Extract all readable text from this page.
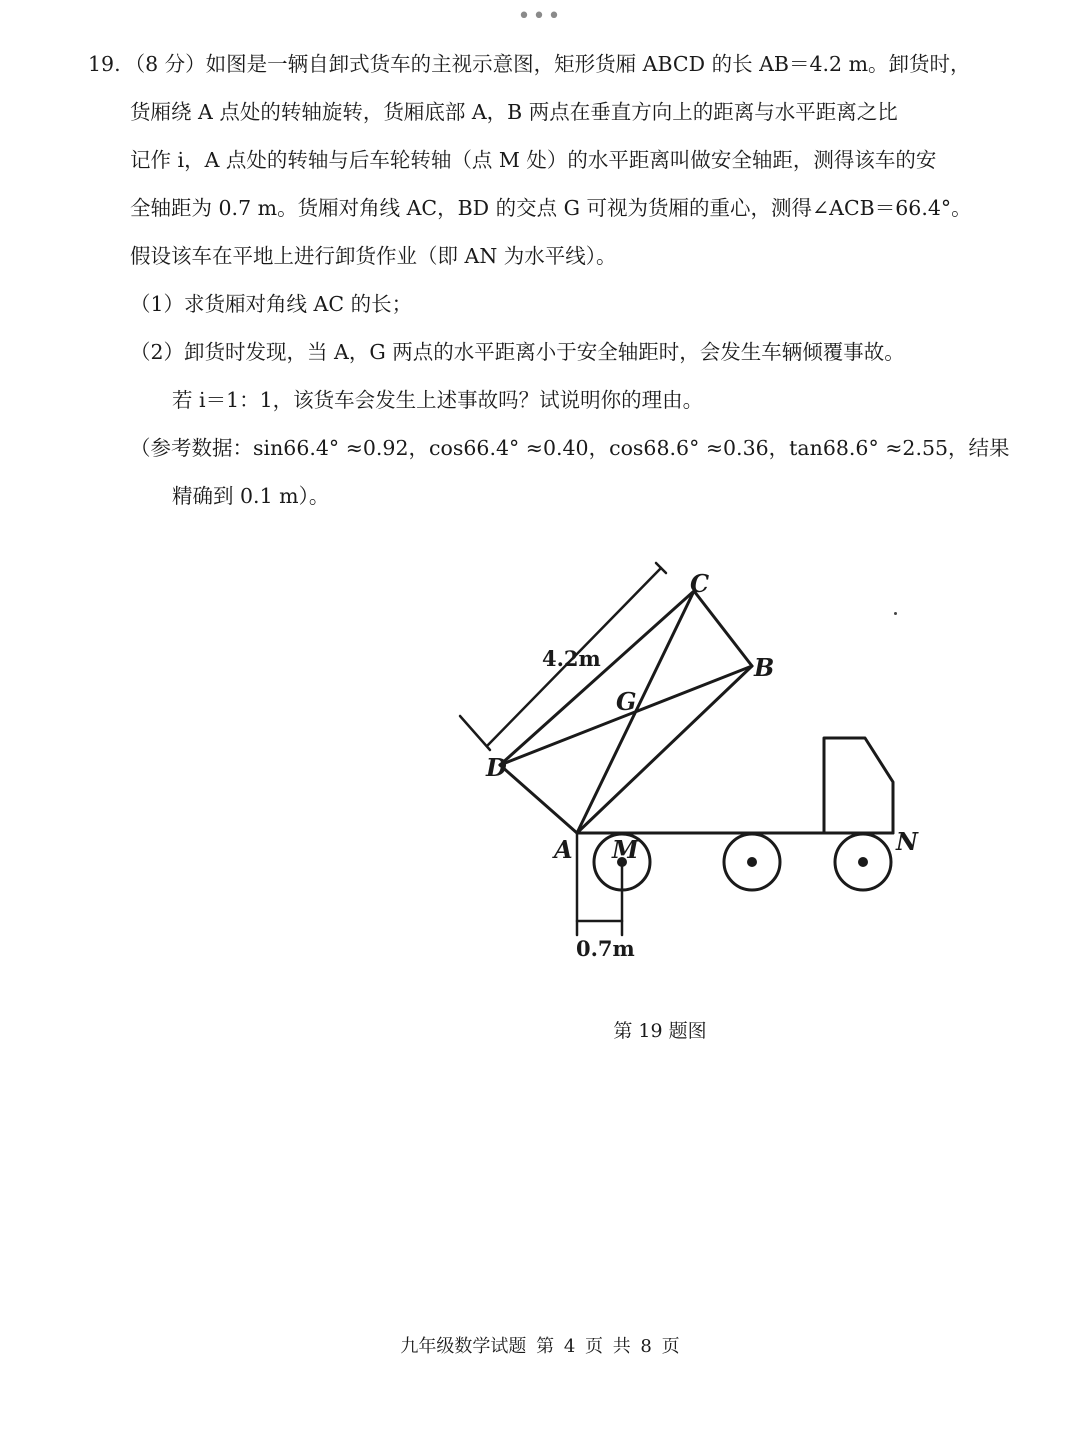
•••
19. （8 分）如图是一辆自卸式货车的主视示意图，矩形货厢 ABCD 的长 AB＝4.2 m。卸货时，
货厢绕 A 点处的转轴旋转，货厢底部 A，B 两点在垂直方向上的距离与水平距离之比
记作 i，A 点处的转轴与后车轮转轴（点 M 处）的水平距离叫做安全轴距，测得该车的安
全轴距为 0.7 m。货厢对角线 AC，BD 的交点 G 可视为货厢的重心，测得∠ACB＝66.4°。
假设该车在平地上进行卸货作业（即 AN 为水平线）。
（1）求货厢对角线 AC 的长；
（2）卸货时发现，当 A，G 两点的水平距离小于安全轴距时，会发生车辆倾覆事故。
若 i＝1：1，该货车会发生上述事故吗？试说明你的理由。
（参考数据：sin66.4° ≈0.92，cos66.4° ≈0.40，cos68.6° ≈0.36，tan68.6° ≈2.55，结果
精确到 0.1 m）。
C
B
G
D
A M	N
4.2m
0.7m
第 19 题图
九年级数学试题 第 4 页 共 8 页
